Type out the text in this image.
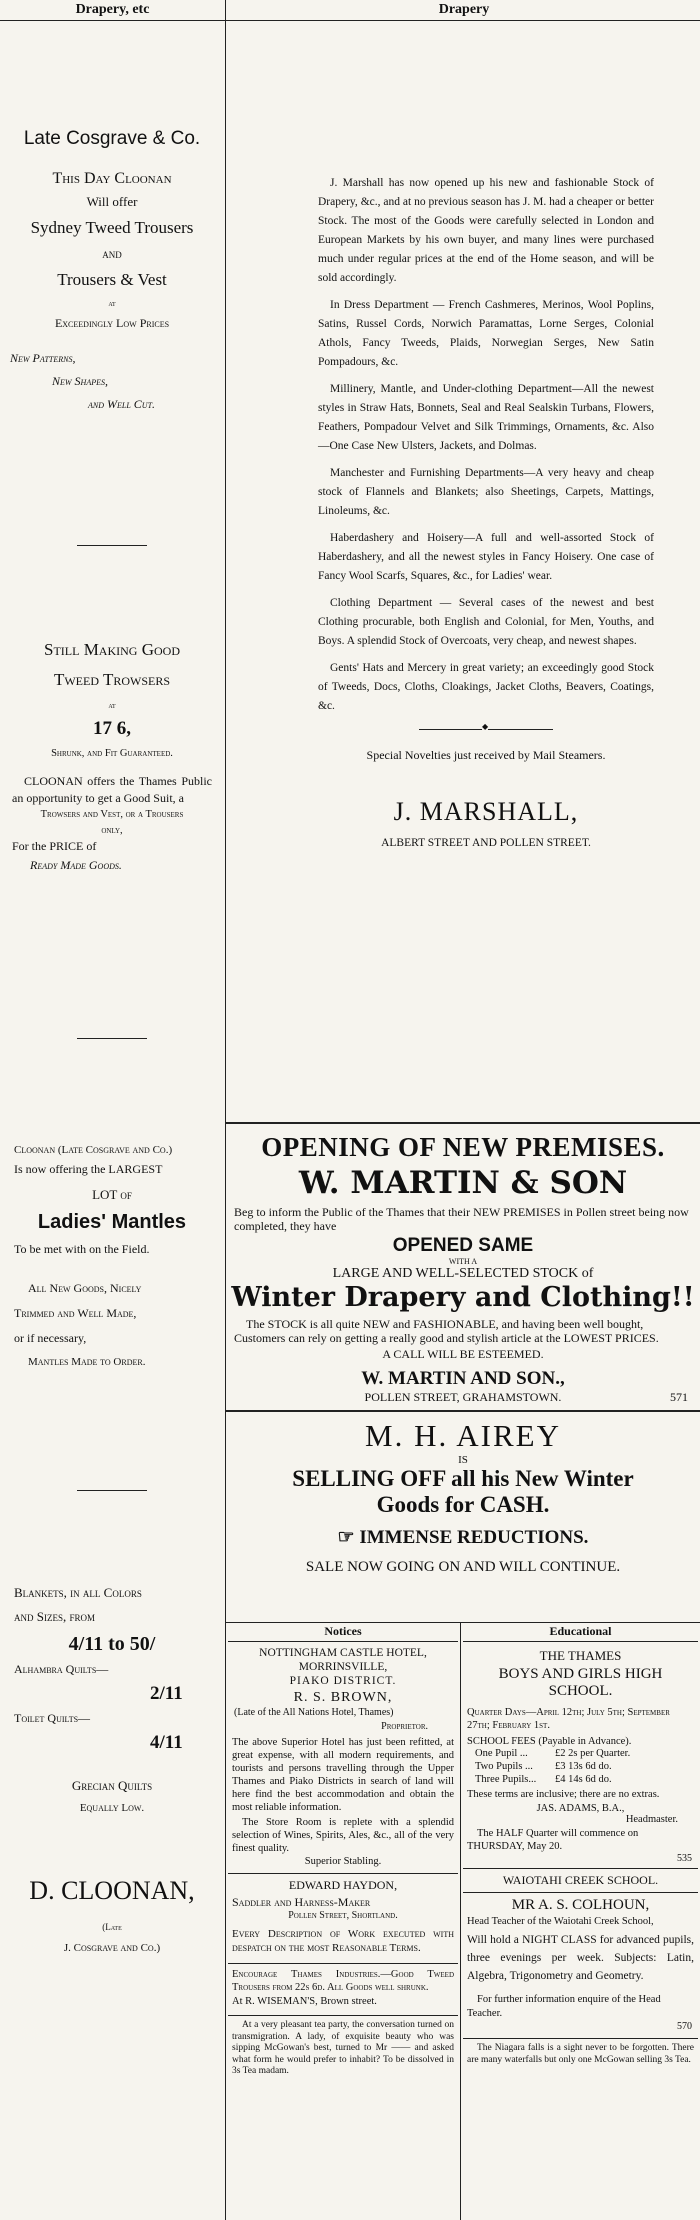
Drapery, etc	Drapery
Late Cosgrave & Co.
This Day Cloonan
Will offer
Sydney Tweed Trousers
and
Trousers & Vest
at
Exceedingly Low Prices
New Patterns,
New Shapes,
and Well Cut.
Still Making Good
Tweed Trowsers
at
17 6,
Shrunk, and Fit Guaranteed.
CLOONAN offers the Thames Public an opportunity to get a Good Suit, a
Trowsers and Vest, or a Trousers only,
For the PRICE of
Ready Made Goods.
Cloonan (Late Cosgrave and Co.)
Is now offering the LARGEST
LOT of
Ladies' Mantles
To be met with on the Field.
All New Goods, Nicely
Trimmed and Well Made,
or if necessary,
Mantles Made to Order.
Blankets, in all Colors
and Sizes, from
4/11 to 50/
Alhambra Quilts—
2/11
Toilet Quilts—
4/11
Grecian Quilts
Equally Low.
D. CLOONAN,
(Late
J. Cosgrave and Co.)

J. Marshall has now opened up his new and fashionable Stock of Drapery, &c., and at no previous season has J. M. had a cheaper or better Stock. The most of the Goods were carefully selected in London and European Markets by his own buyer, and many lines were purchased much under regular prices at the end of the Home season, and will be sold accordingly.

In Dress Department — French Cashmeres, Merinos, Wool Poplins, Satins, Russel Cords, Norwich Paramattas, Lorne Serges, Colonial Athols, Fancy Tweeds, Plaids, Norwegian Serges, New Satin Pompadours, &c.

Millinery, Mantle, and Under-clothing Department—All the newest styles in Straw Hats, Bonnets, Seal and Real Sealskin Turbans, Flowers, Feathers, Pompadour Velvet and Silk Trimmings, Ornaments, &c. Also—One Case New Ulsters, Jackets, and Dolmas.

Manchester and Furnishing Departments—A very heavy and cheap stock of Flannels and Blankets; also Sheetings, Carpets, Mattings, Linoleums, &c.

Haberdashery and Hoisery—A full and well-assorted Stock of Haberdashery, and all the newest styles in Fancy Hoisery. One case of Fancy Wool Scarfs, Squares, &c., for Ladies' wear.

Clothing Department — Several cases of the newest and best Clothing procurable, both English and Colonial, for Men, Youths, and Boys. A splendid Stock of Overcoats, very cheap, and newest shapes.

Gents' Hats and Mercery in great variety; an exceedingly good Stock of Tweeds, Docs, Cloths, Cloakings, Jacket Cloths, Beavers, Coatings, &c.

◆

Special Novelties just received by Mail Steamers.

J. MARSHALL,
ALBERT STREET AND POLLEN STREET.
OPENING OF NEW PREMISES.
W. MARTIN & SON
Beg to inform the Public of the Thames that their NEW PREMISES in Pollen street being now completed, they have
OPENED SAME
WITH A
LARGE AND WELL-SELECTED STOCK of
Winter Drapery and Clothing!!
The STOCK is all quite NEW and FASHIONABLE, and having been well bought, Customers can rely on getting a really good and stylish article at the LOWEST PRICES.
A CALL WILL BE ESTEEMED.
W. MARTIN AND SON.,
POLLEN STREET, GRAHAMSTOWN.	571
M. H. AIREY
IS
SELLING OFF all his New Winter
Goods for CASH.
☞ IMMENSE REDUCTIONS.
SALE NOW GOING ON AND WILL CONTINUE.
Notices
NOTTINGHAM CASTLE HOTEL, MORRINSVILLE,
PIAKO DISTRICT.
R. S. BROWN,
(Late of the All Nations Hotel, Thames)
Proprietor.
The above Superior Hotel has just been refitted, at great expense, with all modern requirements, and tourists and persons travelling through the Upper Thames and Piako Districts in search of land will here find the best accommodation and obtain the most reliable information.
The Store Room is replete with a splendid selection of Wines, Spirits, Ales, &c., all of the very finest quality.
Superior Stabling.
EDWARD HAYDON,
Saddler and Harness-Maker
Pollen Street, Shortland.
Every Description of Work executed with despatch on the most Reasonable Terms.
Encourage Thames Industries.—Good Tweed Trousers from 22s 6d. All Goods well shrunk.
At R. WISEMAN'S, Brown street.
At a very pleasant tea party, the conversation turned on transmigration. A lady, of exquisite beauty who was sipping McGowan's best, turned to Mr —— and asked what form he would prefer to inhabit? To be dissolved in 3s Tea madam.
Educational
THE THAMES
BOYS AND GIRLS HIGH
SCHOOL.
Quarter Days—April 12th; July 5th; September 27th; February 1st.
SCHOOL FEES (Payable in Advance).
One Pupil ...	£2 2s per Quarter.
Two Pupils ...	£3 13s 6d do.
Three Pupils...	£4 14s 6d do.
These terms are inclusive; there are no extras.
JAS. ADAMS, B.A.,
Headmaster.
The HALF Quarter will commence on THURSDAY, May 20.
535
WAIOTAHI CREEK SCHOOL.
MR A. S. COLHOUN,
Head Teacher of the Waiotahi Creek School,
Will hold a NIGHT CLASS for advanced pupils, three evenings per week. Subjects: Latin, Algebra, Trigonometry and Geometry.
For further information enquire of the Head Teacher.
570
The Niagara falls is a sight never to be forgotten. There are many waterfalls but only one McGowan selling 3s Tea.
